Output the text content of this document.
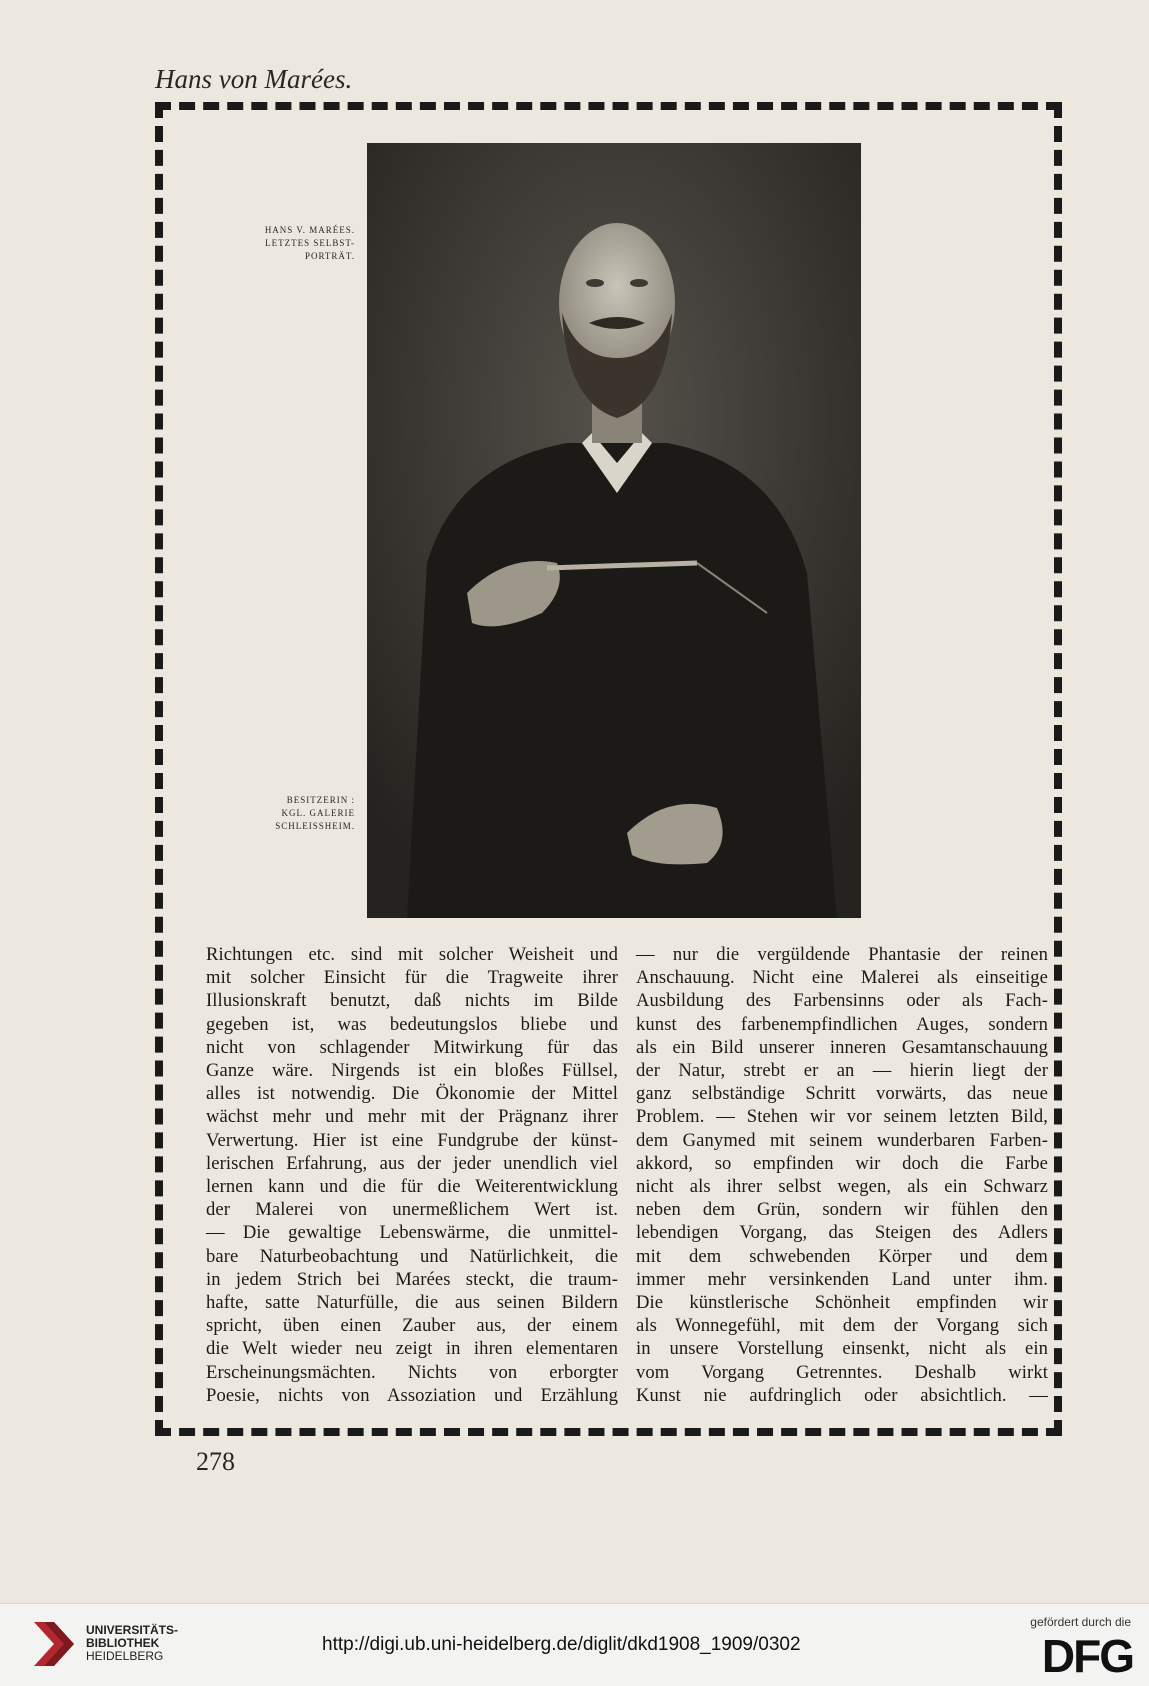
Hans von Marées.
HANS V. MARÉES.
LETZTES SELBST-
PORTRÄT.
BESITZERIN :
KGL. GALERIE
SCHLEISSHEIM.
Richtungen etc. sind mit solcher Weisheit und
mit solcher Einsicht für die Tragweite ihrer
Illusionskraft benutzt, daß nichts im Bilde
gegeben ist, was bedeutungslos bliebe und
nicht von schlagender Mitwirkung für das
Ganze wäre. Nirgends ist ein bloßes Füllsel,
alles ist notwendig. Die Ökonomie der Mittel
wächst mehr und mehr mit der Prägnanz ihrer
Verwertung. Hier ist eine Fundgrube der künst-
lerischen Erfahrung, aus der jeder unendlich viel
lernen kann und die für die Weiterentwicklung
der Malerei von unermeßlichem Wert ist.
— Die gewaltige Lebenswärme, die unmittel-
bare Naturbeobachtung und Natürlichkeit, die
in jedem Strich bei Marées steckt, die traum-
hafte, satte Naturfülle, die aus seinen Bildern
spricht, üben einen Zauber aus, der einem
die Welt wieder neu zeigt in ihren elementaren
Erscheinungsmächten. Nichts von erborgter
Poesie, nichts von Assoziation und Erzählung
— nur die vergüldende Phantasie der reinen
Anschauung. Nicht eine Malerei als einseitige
Ausbildung des Farbensinns oder als Fach-
kunst des farbenempfindlichen Auges, sondern
als ein Bild unserer inneren Gesamtanschauung
der Natur, strebt er an — hierin liegt der
ganz selbständige Schritt vorwärts, das neue
Problem. — Stehen wir vor seinem letzten Bild,
dem Ganymed mit seinem wunderbaren Farben-
akkord, so empfinden wir doch die Farbe
nicht als ihrer selbst wegen, als ein Schwarz
neben dem Grün, sondern wir fühlen den
lebendigen Vorgang, das Steigen des Adlers
mit dem schwebenden Körper und dem
immer mehr versinkenden Land unter ihm.
Die künstlerische Schönheit empfinden wir
als Wonnegefühl, mit dem der Vorgang sich
in unsere Vorstellung einsenkt, nicht als ein
vom Vorgang Getrenntes. Deshalb wirkt
Kunst nie aufdringlich oder absichtlich. —
278
UNIVERSITÄTS-
BIBLIOTHEK
HEIDELBERG
http://digi.ub.uni-heidelberg.de/diglit/dkd1908_1909/0302
gefördert durch die
DFG
